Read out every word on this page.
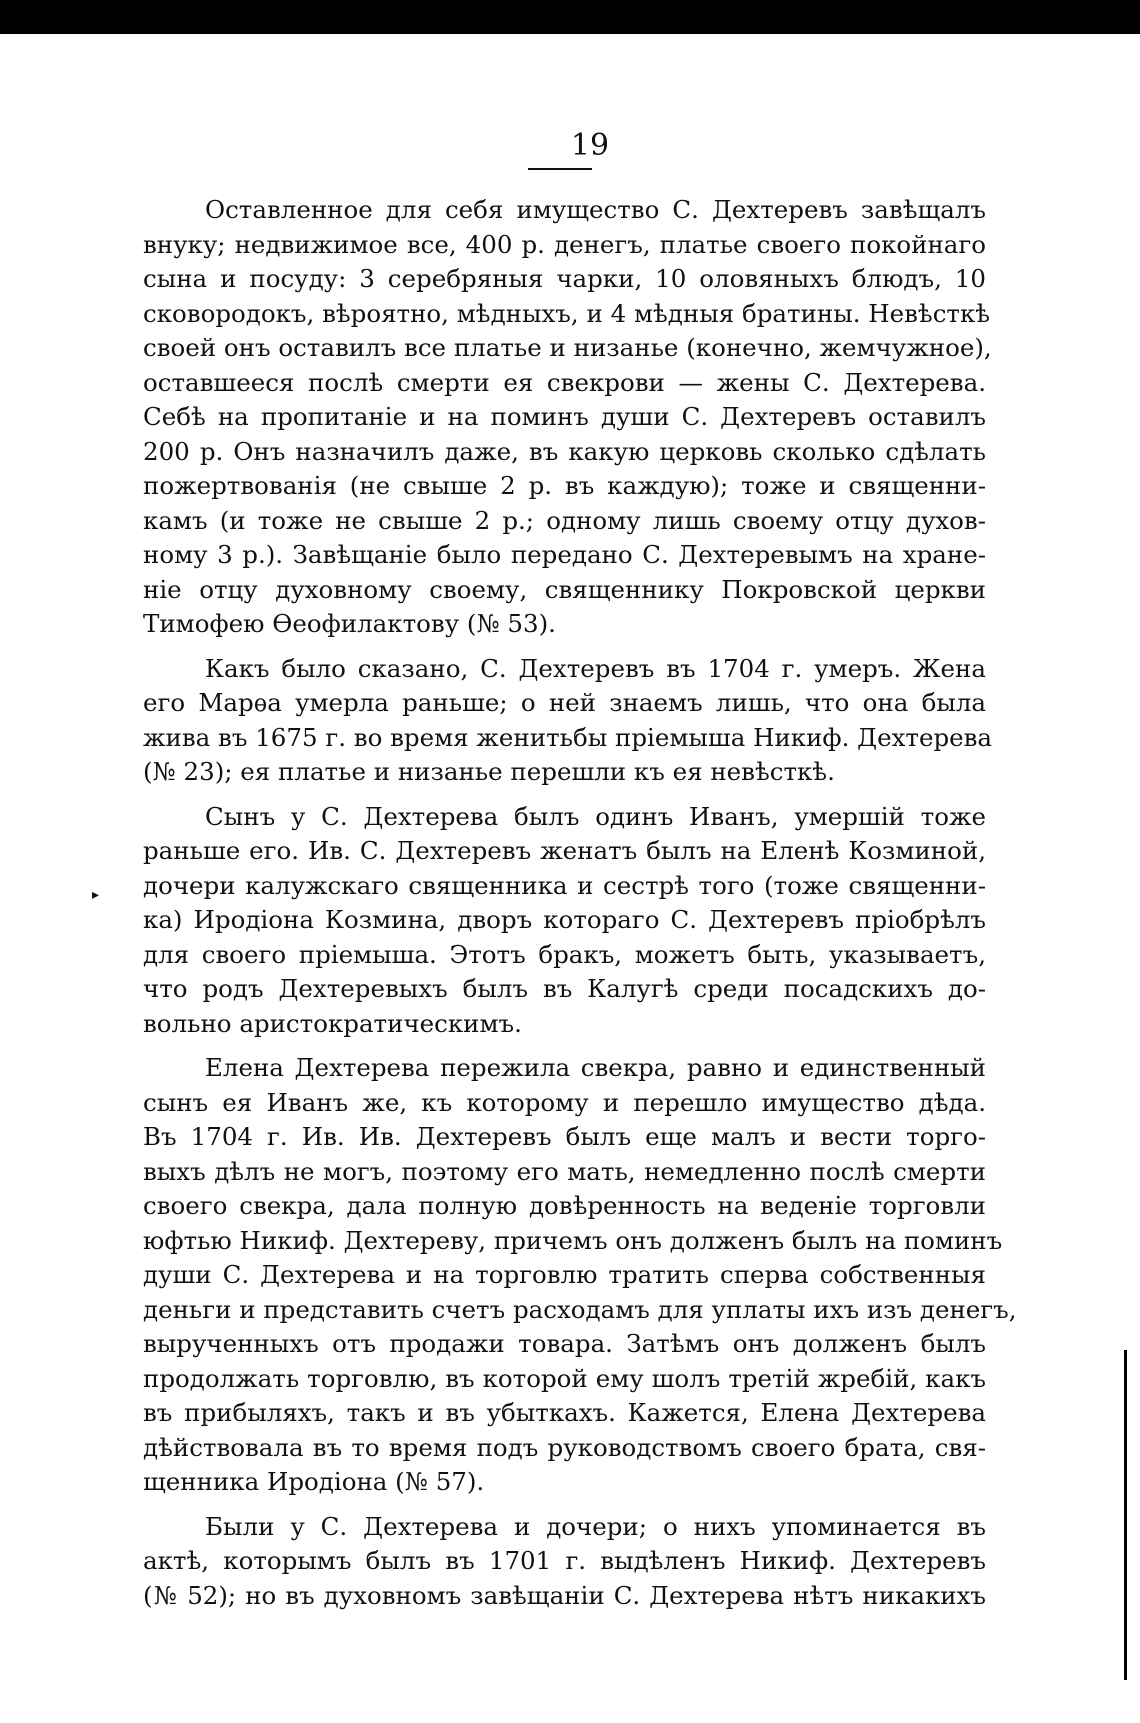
19
▸
Оставленное для себя имущество С. Дехтеревъ завѣщалъ
внуку; недвижимое все, 400 р. денегъ, платье своего покойнаго
сына и посуду: 3 серебряныя чарки, 10 оловяныхъ блюдъ, 10
сковородокъ, вѣроятно, мѣдныхъ, и 4 мѣдныя братины. Невѣсткѣ
своей онъ оставилъ все платье и низанье (конечно, жемчужное),
оставшееся послѣ смерти ея свекрови — жены С. Дехтерева.
Себѣ на пропитанiе и на поминъ души С. Дехтеревъ оставилъ
200 р. Онъ назначилъ даже, въ какую церковь сколько сдѣлать
пожертвованiя (не свыше 2 р. въ каждую); тоже и священни-
камъ (и тоже не свыше 2 р.; одному лишь своему отцу духов-
ному 3 р.). Завѣщанiе было передано С. Дехтеревымъ на хране-
нiе отцу духовному своему, священнику Покровской церкви
Тимофею Ѳеофилактову (№ 53).
Какъ было сказано, С. Дехтеревъ въ 1704 г. умеръ. Жена
его Марѳа умерла раньше; о ней знаемъ лишь, что она была
жива въ 1675 г. во время женитьбы прiемыша Никиф. Дехтерева
(№ 23); ея платье и низанье перешли къ ея невѣсткѣ.
Сынъ у С. Дехтерева былъ одинъ Иванъ, умершiй тоже
раньше его. Ив. С. Дехтеревъ женатъ былъ на Еленѣ Козминой,
дочери калужскаго священника и сестрѣ того (тоже священни-
ка) Иродiона Козмина, дворъ котораго С. Дехтеревъ прiобрѣлъ
для своего прiемыша. Этотъ бракъ, можетъ быть, указываетъ,
что родъ Дехтеревыхъ былъ въ Калугѣ среди посадскихъ до-
вольно аристократическимъ.
Елена Дехтерева пережила свекра, равно и единственный
сынъ ея Иванъ же, къ которому и перешло имущество дѣда.
Въ 1704 г. Ив. Ив. Дехтеревъ былъ еще малъ и вести торго-
выхъ дѣлъ не могъ, поэтому его мать, немедленно послѣ смерти
своего свекра, дала полную довѣренность на веденiе торговли
юфтью Никиф. Дехтереву, причемъ онъ долженъ былъ на поминъ
души С. Дехтерева и на торговлю тратить сперва собственныя
деньги и представить счетъ расходамъ для уплаты ихъ изъ денегъ,
вырученныхъ отъ продажи товара. Затѣмъ онъ долженъ былъ
продолжать торговлю, въ которой ему шолъ третiй жребiй, какъ
въ прибыляхъ, такъ и въ убыткахъ. Кажется, Елена Дехтерева
дѣйствовала въ то время подъ руководствомъ своего брата, свя-
щенника Иродiона (№ 57).
Были у С. Дехтерева и дочери; о нихъ упоминается въ
актѣ, которымъ былъ въ 1701 г. выдѣленъ Никиф. Дехтеревъ
(№ 52); но въ духовномъ завѣщанiи С. Дехтерева нѣтъ никакихъ
